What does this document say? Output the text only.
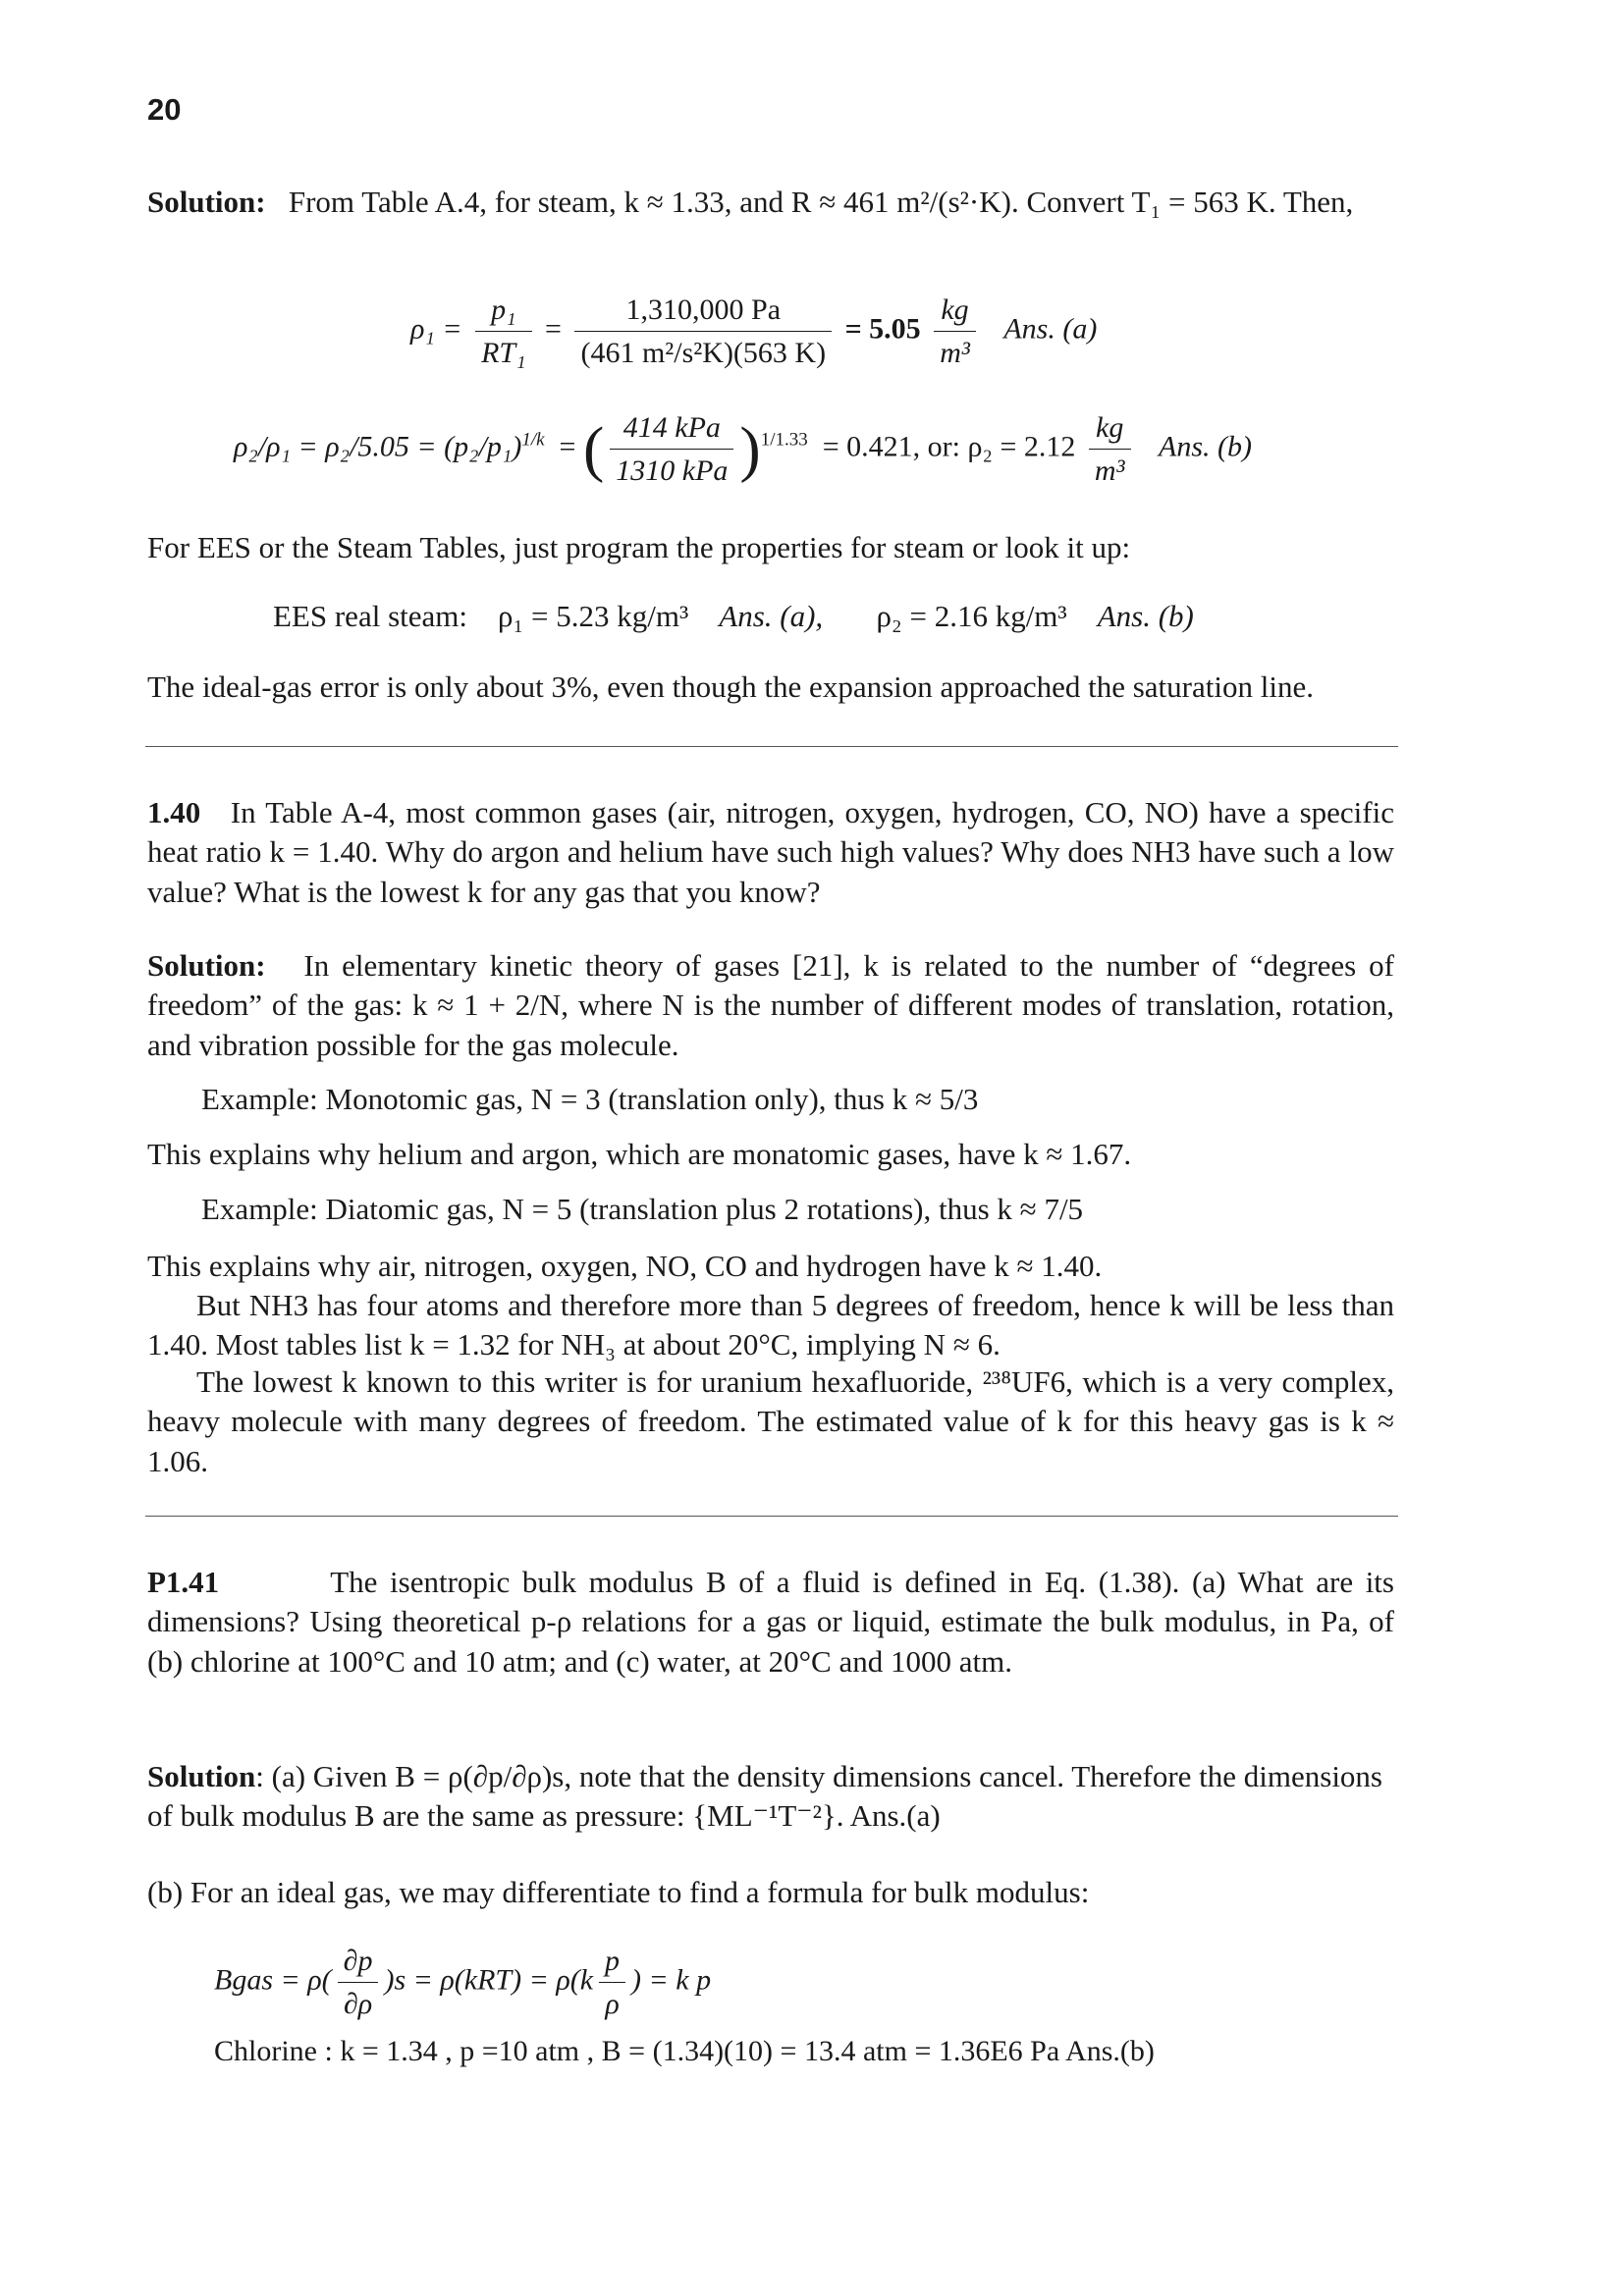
20

Solution: From Table A.4, for steam, k ≈ 1.33, and R ≈ 461 m²/(s²·K). Convert T₁ = 563 K. Then,

$\rho_1 = \frac{\text{p₁}}{\text{RT₁}} = \frac{1,310,000 Pa}{\text{(461 m²/s²K)(563 K)}} = 5.05 \frac{kg}{\text{m³}}$ Ans. (a)
$\rho_2/\rho_1 = \rho_2/5.05 = (p_2/p_1)^{1/k}$  = ( $\frac{\text{414 kPa}}{\text{1310 kPa}} )^{1/1.33} = 0.421$, or: $\rho_2 = 2.12 \frac{kg}{\text{m³}}$ Ans. (b)
For EES or the Steam Tables, just program the properties for steam or look it up:
EES real steam: ρ₁ = 5.23 kg/m³ Ans. (a), ρ₂ = 2.16 kg/m³ Ans. (b)
The ideal-gas error is only about 3%, even though the expansion approached the saturation line.

1.40 In Table A-4, most common gases (air, nitrogen, oxygen, hydrogen, CO, NO) have a specific heat ratio k = 1.40. Why do argon and helium have such high values? Why does NH3 have such a low value? What is the lowest k for any gas that you know?

Solution: In elementary kinetic theory of gases [21], k is related to the number of “degrees of freedom” of the gas: k ≈ 1 + 2/N, where N is the number of different modes of translation, rotation, and vibration possible for the gas molecule.

Example: Monotomic gas, N = 3 (translation only), thus k ≈ 5/3

This explains why helium and argon, which are monatomic gases, have k ≈ 1.67.

Example: Diatomic gas, N = 5 (translation plus 2 rotations), thus k ≈ 7/5

This explains why air, nitrogen, oxygen, NO, CO and hydrogen have k ≈ 1.40.

But NH3 has four atoms and therefore more than 5 degrees of freedom, hence k will be less than 1.40. Most tables list k = 1.32 for NH₃ at about 20°C, implying N ≈ 6.

The lowest k known to this writer is for uranium hexafluoride, ²³⁸UF6, which is a very complex, heavy molecule with many degrees of freedom. The estimated value of k for this heavy gas is k ≈ 1.06.

P1.41	The isentropic bulk modulus B of a fluid is defined in Eq. (1.38). (a) What are its dimensions? Using theoretical p-ρ relations for a gas or liquid, estimate the bulk modulus, in Pa, of (b) chlorine at 100°C and 10 atm; and (c) water, at 20°C and 1000 atm.

Solution: (a) Given B = ρ(∂p/∂ρ)s, note that the density dimensions cancel. Therefore the dimensions of bulk modulus B are the same as pressure: {ML⁻¹T⁻²}. Ans.(a)

(b) For an ideal gas, we may differentiate to find a formula for bulk modulus:
Bgas = $\rho( \frac{\partial p}{\partial\rho} )s = \rho(kRT) = \rho(k \frac{p}{\rho}$ ) = k p
Chlorine : k = 1.34 , p =10 atm , B = (1.34)(10) = 13.4 atm = 1.36E6 Pa Ans.(b)
